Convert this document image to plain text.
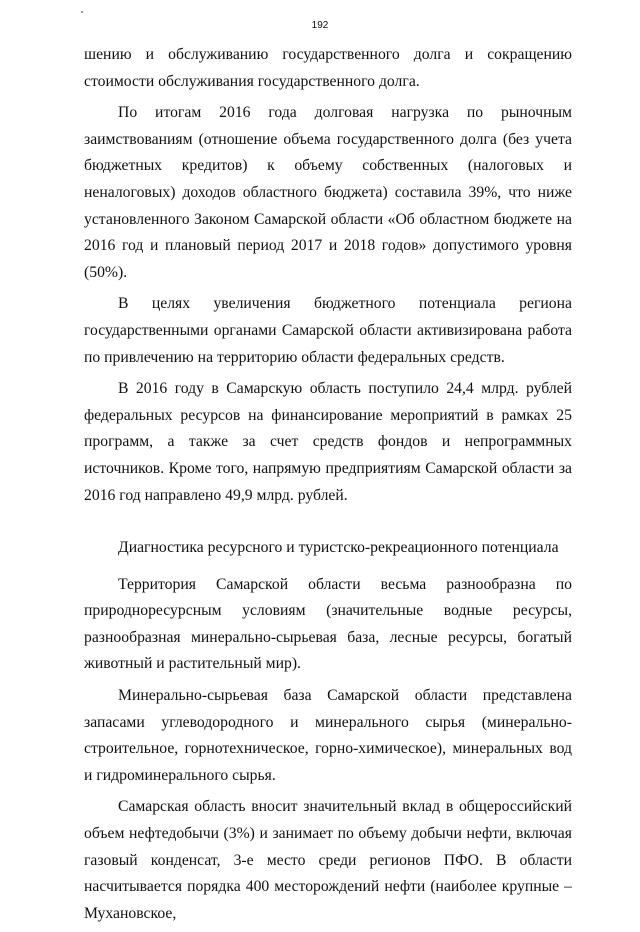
192

шению и обслуживанию государственного долга и сокращению стоимости обслуживания государственного долга.

По итогам 2016 года долговая нагрузка по рыночным заимствованиям (отношение объема государственного долга (без учета бюджетных кредитов) к объему собственных (налоговых и неналоговых) доходов областного бюджета) составила 39%, что ниже установленного Законом Самарской области «Об областном бюджете на 2016 год и плановый период 2017 и 2018 годов» допустимого уровня (50%).

В целях увеличения бюджетного потенциала региона государственными органами Самарской области активизирована работа по привлечению на территорию области федеральных средств.

В 2016 году в Самарскую область поступило 24,4 млрд. рублей федеральных ресурсов на финансирование мероприятий в рамках 25 программ, а также за счет средств фондов и непрограммных источников. Кроме того, напрямую предприятиям Самарской области за 2016 год направлено 49,9 млрд. рублей.

Диагностика ресурсного и туристско-рекреационного потенциала

Территория Самарской области весьма разнообразна по природноресурсным условиям (значительные водные ресурсы, разнообразная минерально-сырьевая база, лесные ресурсы, богатый животный и растительный мир).

Минерально-сырьевая база Самарской области представлена запасами углеводородного и минерального сырья (минерально-строительное, горнотехническое, горно-химическое), минеральных вод и гидроминерального сырья.

Самарская область вносит значительный вклад в общероссийский объем нефтедобычи (3%) и занимает по объему добычи нефти, включая газовый конденсат, 3-е место среди регионов ПФО. В области насчитывается порядка 400 месторождений нефти (наиболее крупные – Мухановское,
